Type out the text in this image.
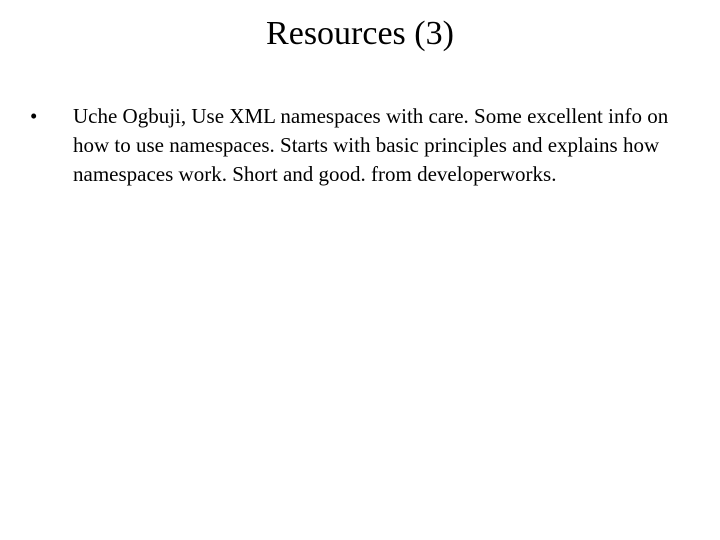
Resources (3)
•	Uche Ogbuji, Use XML namespaces with care. Some excellent info on how to use namespaces. Starts with basic principles and explains how namespaces work. Short and good. from developerworks.
